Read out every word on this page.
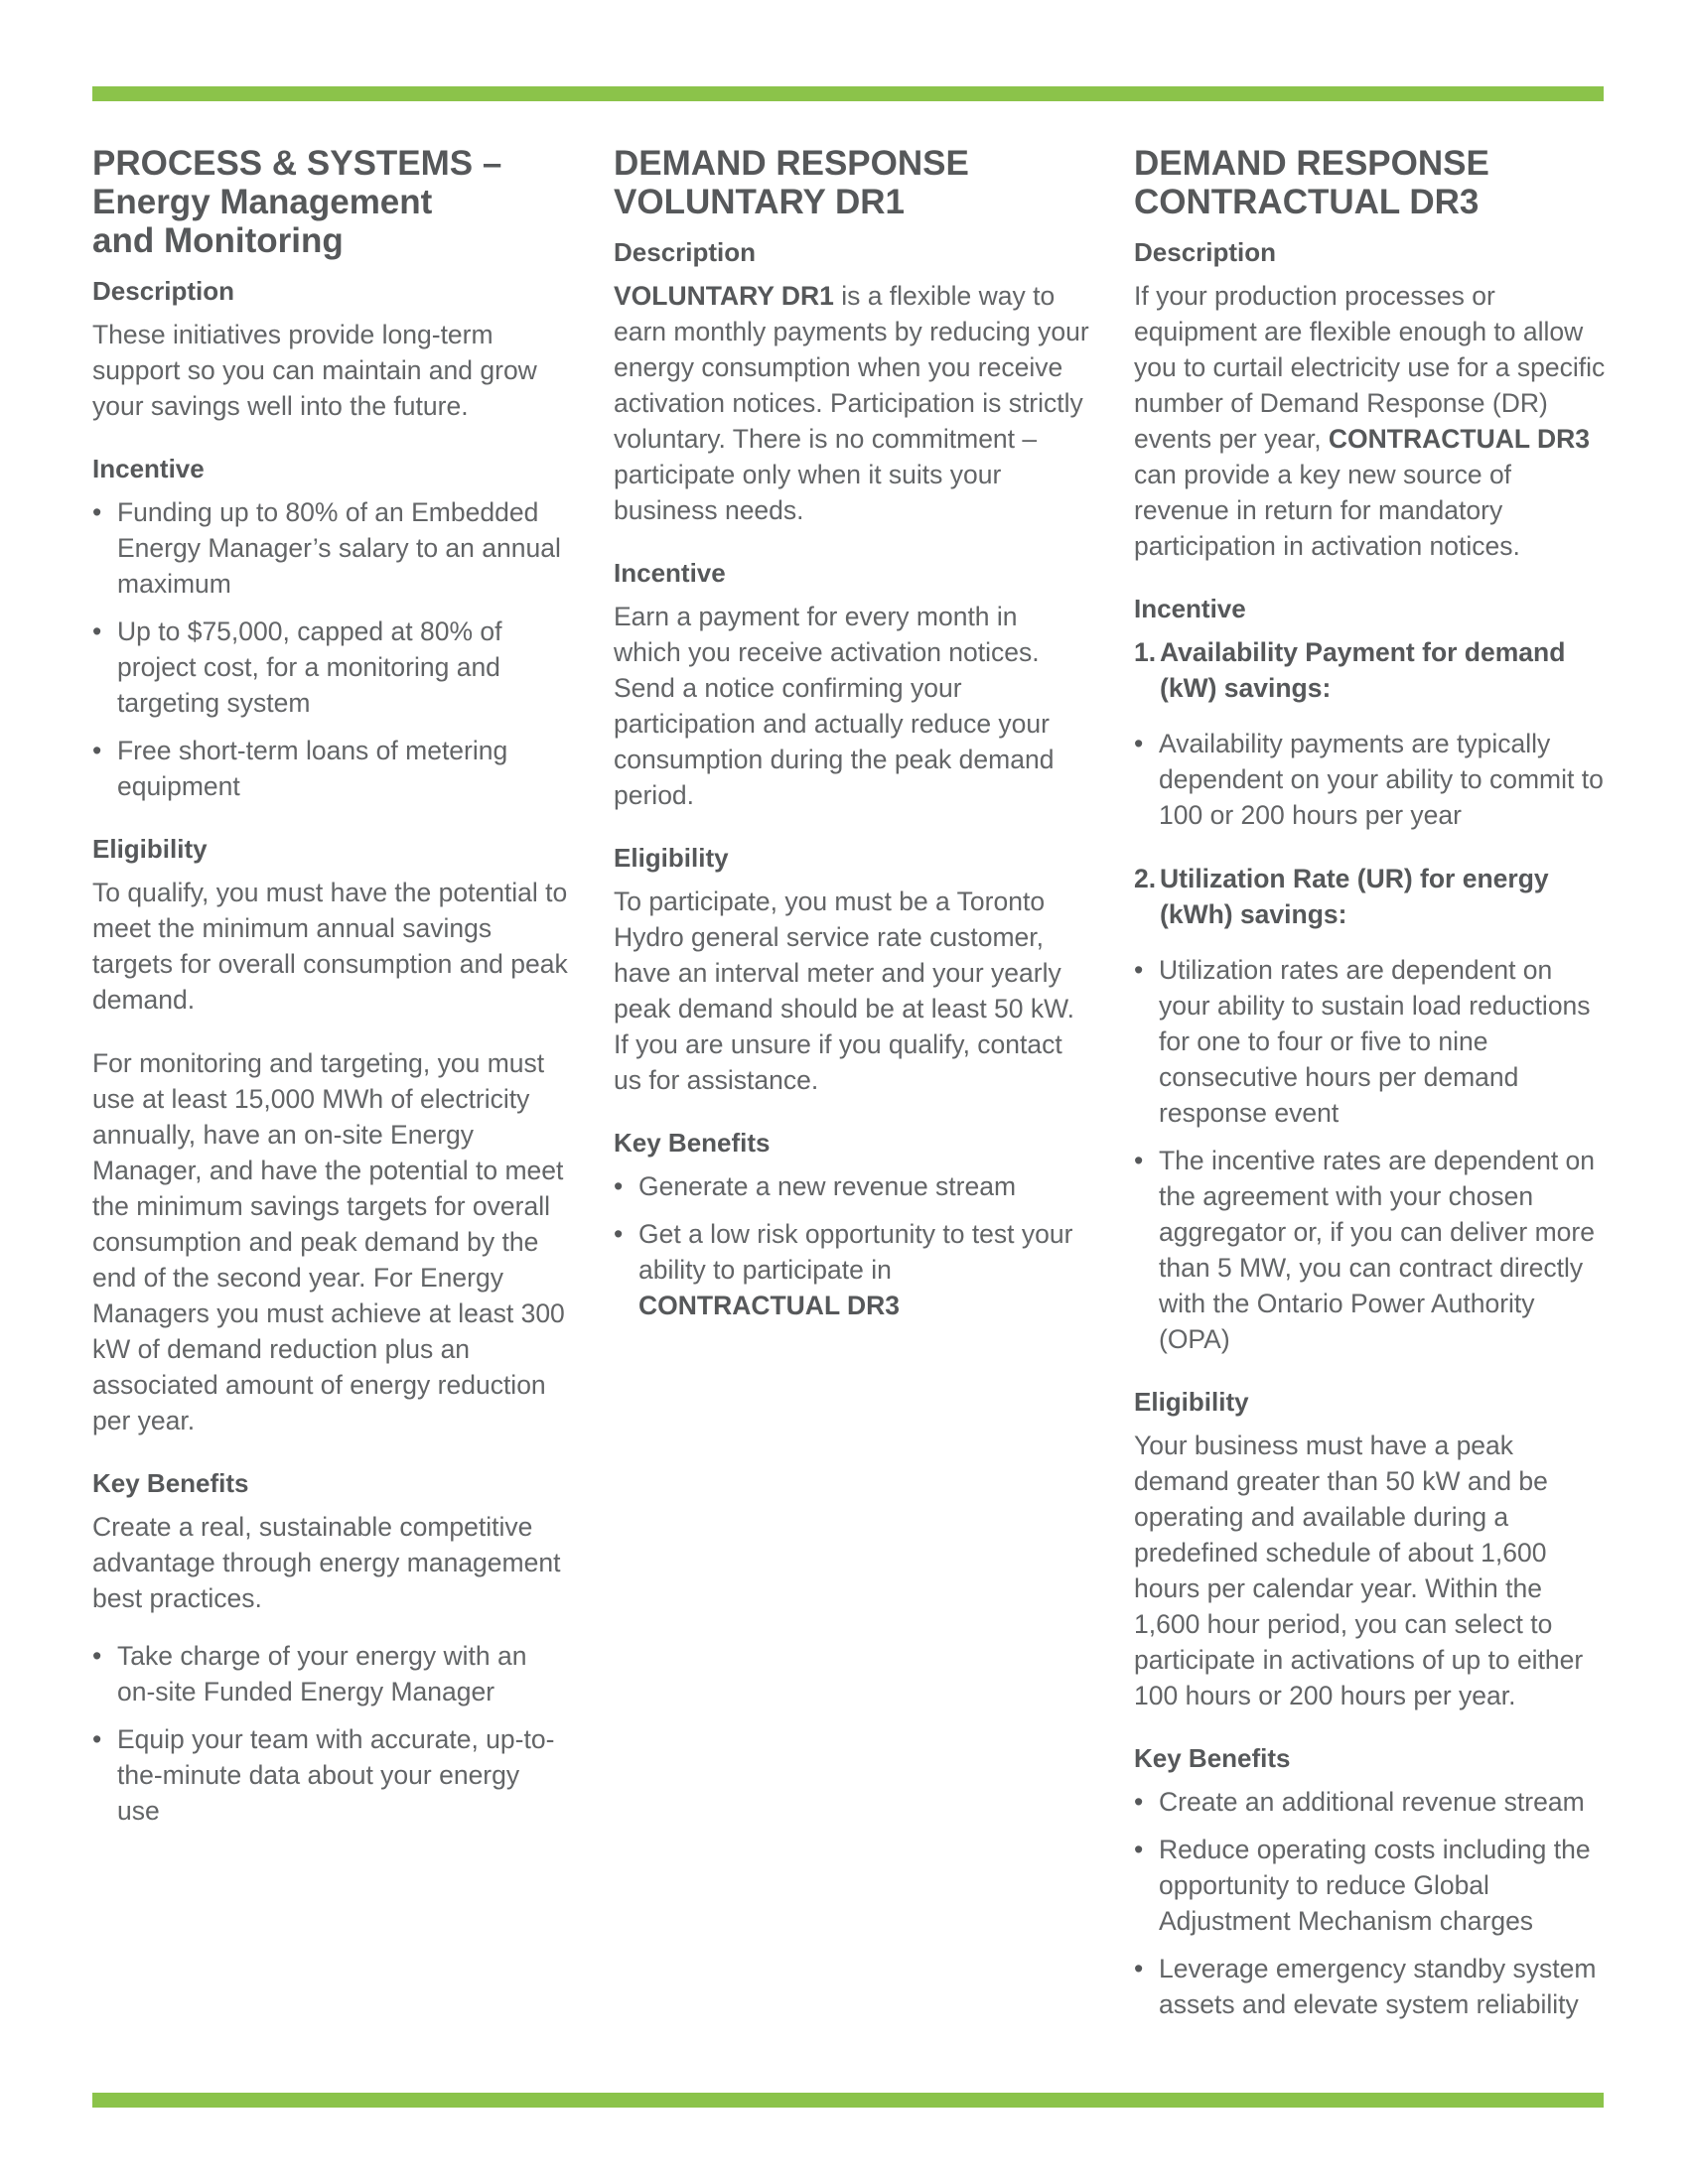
PROCESS & SYSTEMS –
Energy Management
and Monitoring
Description

These initiatives provide long-term support so you can maintain and grow your savings well into the future.

Incentive
• Funding up to 80% of an Embedded Energy Manager’s salary to an annual maximum
• Up to $75,000, capped at 80% of project cost, for a monitoring and targeting system
• Free short-term loans of metering equipment
Eligibility

To qualify, you must have the potential to meet the minimum annual savings targets for overall consumption and peak demand.

For monitoring and targeting, you must use at least 15,000 MWh of electricity annually, have an on-site Energy Manager, and have the potential to meet the minimum savings targets for overall consumption and peak demand by the end of the second year. For Energy Managers you must achieve at least 300 kW of demand reduction plus an associated amount of energy reduction per year.

Key Benefits

Create a real, sustainable competitive advantage through energy management best practices.

• Take charge of your energy with an on-site Funded Energy Manager
• Equip your team with accurate, up-to-the-minute data about your energy use
DEMAND RESPONSE
VOLUNTARY DR1
Description

VOLUNTARY DR1 is a flexible way to earn monthly payments by reducing your energy consumption when you receive activation notices. Participation is strictly voluntary. There is no commitment – participate only when it suits your business needs.

Incentive

Earn a payment for every month in which you receive activation notices. Send a notice confirming your participation and actually reduce your consumption during the peak demand period.

Eligibility

To participate, you must be a Toronto Hydro general service rate customer, have an interval meter and your yearly peak demand should be at least 50 kW. If you are unsure if you qualify, contact us for assistance.

Key Benefits
• Generate a new revenue stream
• Get a low risk opportunity to test your ability to participate in CONTRACTUAL DR3
DEMAND RESPONSE
CONTRACTUAL DR3
Description

If your production processes or equipment are flexible enough to allow you to curtail electricity use for a specific number of Demand Response (DR) events per year, CONTRACTUAL DR3 can provide a key new source of revenue in return for mandatory participation in activation notices.

Incentive
1. Availability Payment for demand (kW) savings:
• Availability payments are typically dependent on your ability to commit to 100 or 200 hours per year
2. Utilization Rate (UR) for energy (kWh) savings:
• Utilization rates are dependent on your ability to sustain load reductions for one to four or five to nine consecutive hours per demand response event
• The incentive rates are dependent on the agreement with your chosen aggregator or, if you can deliver more than 5 MW, you can contract directly with the Ontario Power Authority (OPA)
Eligibility

Your business must have a peak demand greater than 50 kW and be operating and available during a predefined schedule of about 1,600 hours per calendar year. Within the 1,600 hour period, you can select to participate in activations of up to either 100 hours or 200 hours per year.

Key Benefits
• Create an additional revenue stream
• Reduce operating costs including the opportunity to reduce Global Adjustment Mechanism charges
• Leverage emergency standby system assets and elevate system reliability
